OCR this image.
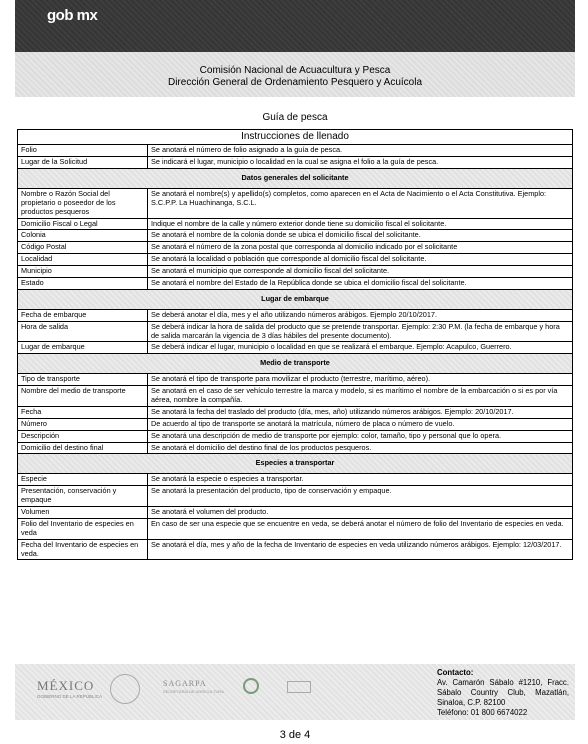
gob mx
Comisión Nacional de Acuacultura y Pesca
Dirección General de Ordenamiento Pesquero y Acuícola
Guía de pesca
Instrucciones de llenado	
Folio	Se anotará el número de folio asignado a la guía de pesca.
Lugar de la Solicitud	Se indicará el lugar, municipio o localidad en la cual se asigna el folio a la guía de pesca.
Datos generales del solicitante	
Nombre o Razón Social del propietario o poseedor de los productos pesqueros	Se anotará el nombre(s) y apellido(s) completos, como aparecen en el Acta de Nacimiento o el Acta Constitutiva. Ejemplo: S.C.P.P. La Huachinanga, S.C.L.
Domicilio Fiscal o Legal	Indique el nombre de la calle y número exterior donde tiene su domicilio fiscal el solicitante.
Colonia	Se anotará el nombre de la colonia donde se ubica el domicilio fiscal del solicitante.
Código Postal	Se anotará el número de la zona postal que corresponda al domicilio indicado por el solicitante
Localidad	Se anotará la localidad o población que corresponde al domicilio fiscal del solicitante.
Municipio	Se anotará el municipio que corresponde al domicilio fiscal del solicitante.
Estado	Se anotará el nombre del Estado de la República donde se ubica el domicilio fiscal del solicitante.
Lugar de embarque	
Fecha de embarque	Se deberá anotar el día, mes y el año utilizando números arábigos. Ejemplo 20/10/2017.
Hora de salida	Se deberá indicar la hora de salida del producto que se pretende transportar. Ejemplo: 2:30 P.M. (la fecha de embarque y hora de salida marcarán la vigencia de 3 días hábiles del presente documento).
Lugar de embarque	Se deberá indicar el lugar, municipio o localidad en que se realizará el embarque. Ejemplo: Acapulco, Guerrero.
Medio de transporte	
Tipo de transporte	Se anotará el tipo de transporte para movilizar el producto (terrestre, marítimo, aéreo).
Nombre del medio de transporte	Se anotará en el caso de ser vehículo terrestre la marca y modelo, si es marítimo el nombre de la embarcación o si es por vía aérea, nombre la compañía.
Fecha	Se anotará la fecha del traslado del producto (día, mes, año) utilizando números arábigos. Ejemplo: 20/10/2017.
Número	De acuerdo al tipo de transporte se anotará la matrícula, número de placa o número de vuelo.
Descripción	Se anotará una descripción de medio de transporte por ejemplo: color, tamaño, tipo y personal que lo opera.
Domicilio del destino final	Se anotará el domicilio del destino final de los productos pesqueros.
Especies a transportar	
Especie	Se anotará la especie o especies a transportar.
Presentación, conservación y empaque	Se anotará la presentación del producto, tipo de conservación y empaque.
Volumen	Se anotará el volumen del producto.
Folio del Inventario de especies en veda	En caso de ser una especie que se encuentre en veda, se deberá anotar el número de folio del Inventario de especies en veda.
Fecha del Inventario de especies en veda.	Se anotará el día, mes y año de la fecha de Inventario de especies en veda utilizando números arábigos. Ejemplo: 12/03/2017.
MÉXICO
GOBIERNO DE LA REPÚBLICA
SAGARPA
SECRETARÍA DE AGRICULTURA
Contacto:
Av. Camarón Sábalo #1210, Fracc. Sábalo Country Club, Mazatlán, Sinaloa, C.P. 82100
Teléfono: 01 800 6674022
3 de 4
